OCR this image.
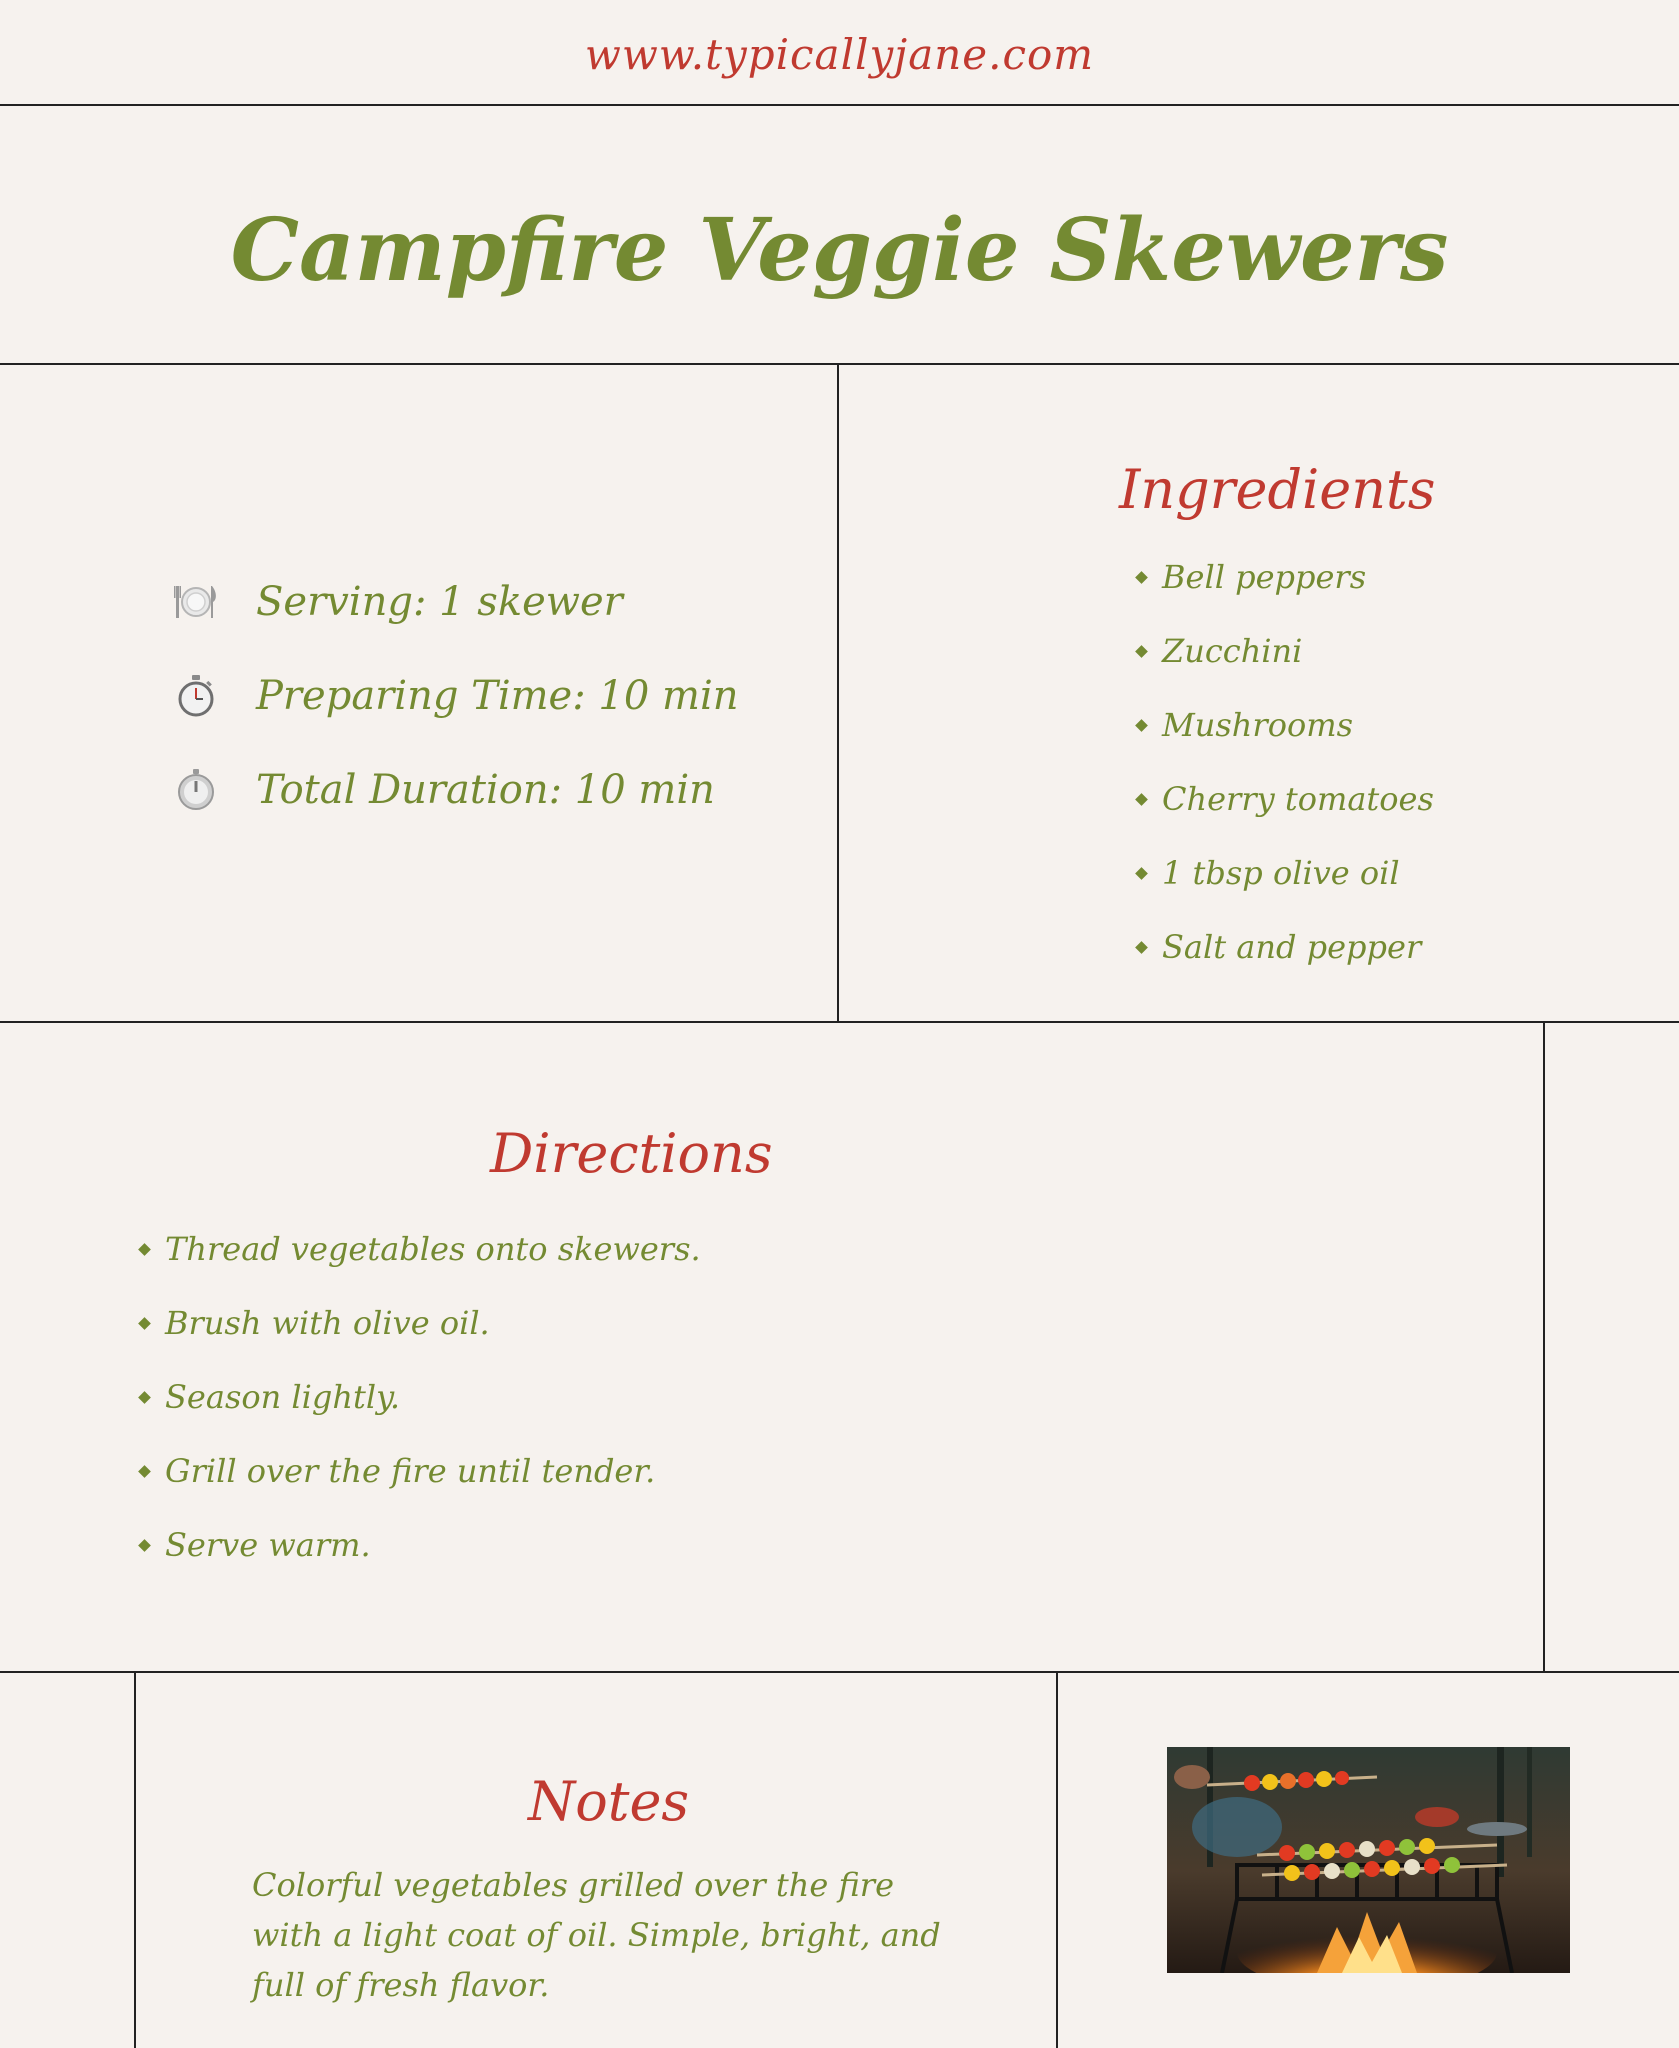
www.typicallyjane.com
Campfire Veggie Skewers
Serving: 1 skewer
Preparing Time: 10 min
Total Duration: 10 min
Ingredients
Bell peppers
Zucchini
Mushrooms
Cherry tomatoes
1 tbsp olive oil
Salt and pepper
Directions
Thread vegetables onto skewers.
Brush with olive oil.
Season lightly.
Grill over the fire until tender.
Serve warm.
Notes
Colorful vegetables grilled over the fire with a light coat of oil. Simple, bright, and full of fresh flavor.
